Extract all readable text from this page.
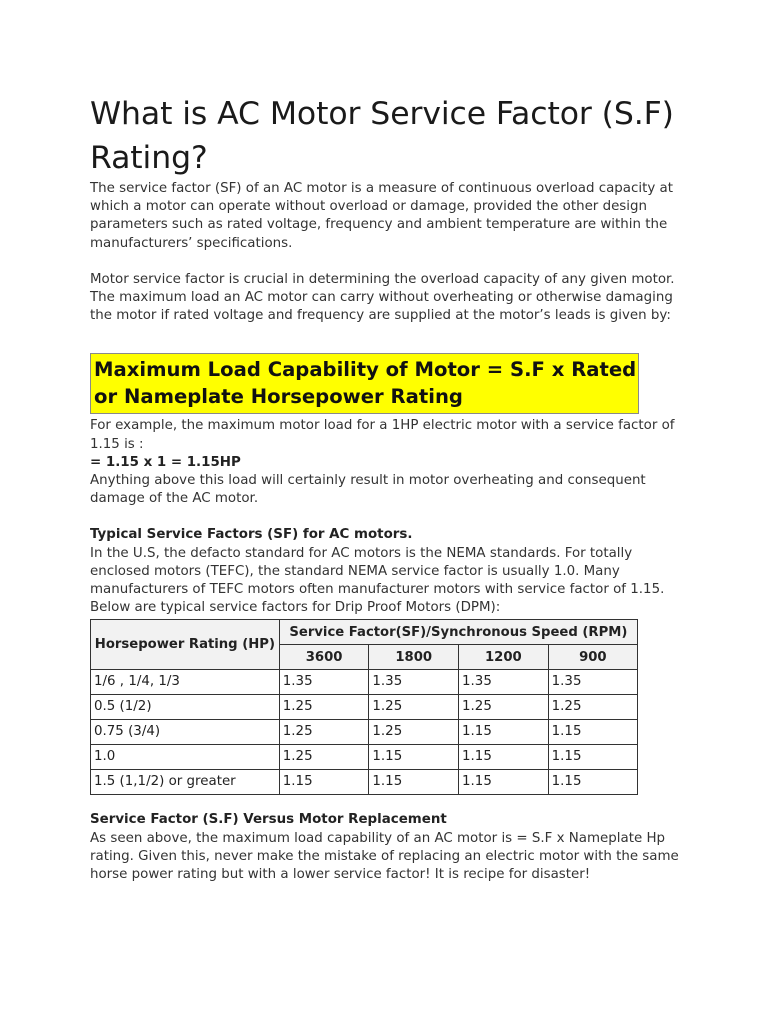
What is AC Motor Service Factor (S.F) Rating?

The service factor (SF) of an AC motor is a measure of continuous overload capacity at which a motor can operate without overload or damage, provided the other design parameters such as rated voltage, frequency and ambient temperature are within the manufacturers’ specifications.

Motor service factor is crucial in determining the overload capacity of any given motor. The maximum load an AC motor can carry without overheating or otherwise damaging the motor if rated voltage and frequency are supplied at the motor’s leads is given by:

Maximum Load Capability of Motor = S.F x Rated or Nameplate Horsepower Rating

For example, the maximum motor load for a 1HP electric motor with a service factor of 1.15 is :

= 1.15 x 1 = 1.15HP

Anything above this load will certainly result in motor overheating and consequent damage of the AC motor.

Typical Service Factors (SF) for AC motors.

In the U.S, the defacto standard for AC motors is the NEMA standards. For totally enclosed motors (TEFC), the standard NEMA service factor is usually 1.0. Many manufacturers of TEFC motors often manufacturer motors with service factor of 1.15. Below are typical service factors for Drip Proof Motors (DPM):

Horsepower Rating (HP)	Service Factor(SF)/Synchronous Speed (RPM)			
	3600	1800	1200	900
1/6 , 1/4, 1/3	1.35	1.35	1.35	1.35
0.5 (1/2)	1.25	1.25	1.25	1.25
0.75 (3/4)	1.25	1.25	1.15	1.15
1.0	1.25	1.15	1.15	1.15
1.5 (1,1/2) or greater	1.15	1.15	1.15	1.15

Service Factor (S.F) Versus Motor Replacement

As seen above, the maximum load capability of an AC motor is = S.F x Nameplate Hp rating. Given this, never make the mistake of replacing an electric motor with the same horse power rating but with a lower service factor! It is recipe for disaster!
